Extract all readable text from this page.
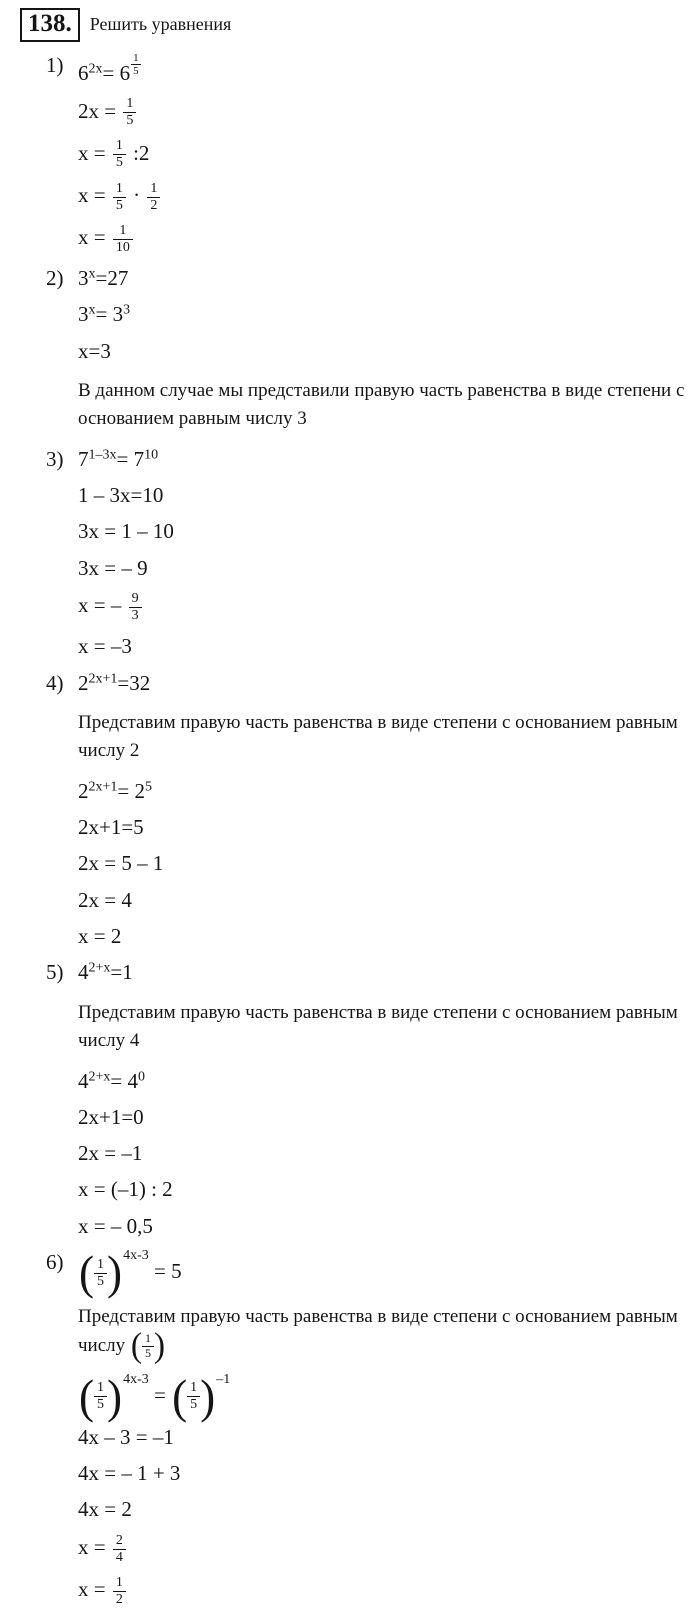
138.	Решить уравнения
1) $6^{2x}= 6 \frac{1}{5}$
$2x = \frac{1}{5}$
$x = \frac{1}{5}$ :2
$x = \frac{1}{5} \cdot \frac{1}{2}$
$x = \frac{1}{10}$
2) $3^x=27$
$3^x= 3^3$
x=3
В данном случае мы представили правую часть равенства в виде степени с основанием равным числу 3
3) $7^{1-3x}= 7^{10}$
1 – 3x=10
3x = 1 – 10
3x = – 9
x = – $\frac{9}{3}$
x = –3
4) $2^{2x+1}=32$
Представим правую часть равенства в виде степени с основанием равным числу 2
$2^{2x+1}= 2^5$
2x+1=5
2x = 5 – 1
2x = 4
x = 2
5) $4^{2+x}=1$
Представим правую часть равенства в виде степени с основанием равным числу 4
$4^{2+x}= 4^0$
2x+1=0
2x = –1
x = (–1) : 2
x = – 0,5
6) ( $\frac{1}{5}$ ) $^{4x-3}$ = 5
Представим правую часть равенства в виде степени с основанием равным числу ( $\frac{1}{5}$ )
( $\frac{1}{5}$ ) $^{4x-3}$ = ( $\frac{1}{5}$ ) $^{-1}$
4x – 3 = –1
4x = – 1 + 3
4x = 2
$x = \frac{2}{4}$
$x = \frac{1}{2}$
